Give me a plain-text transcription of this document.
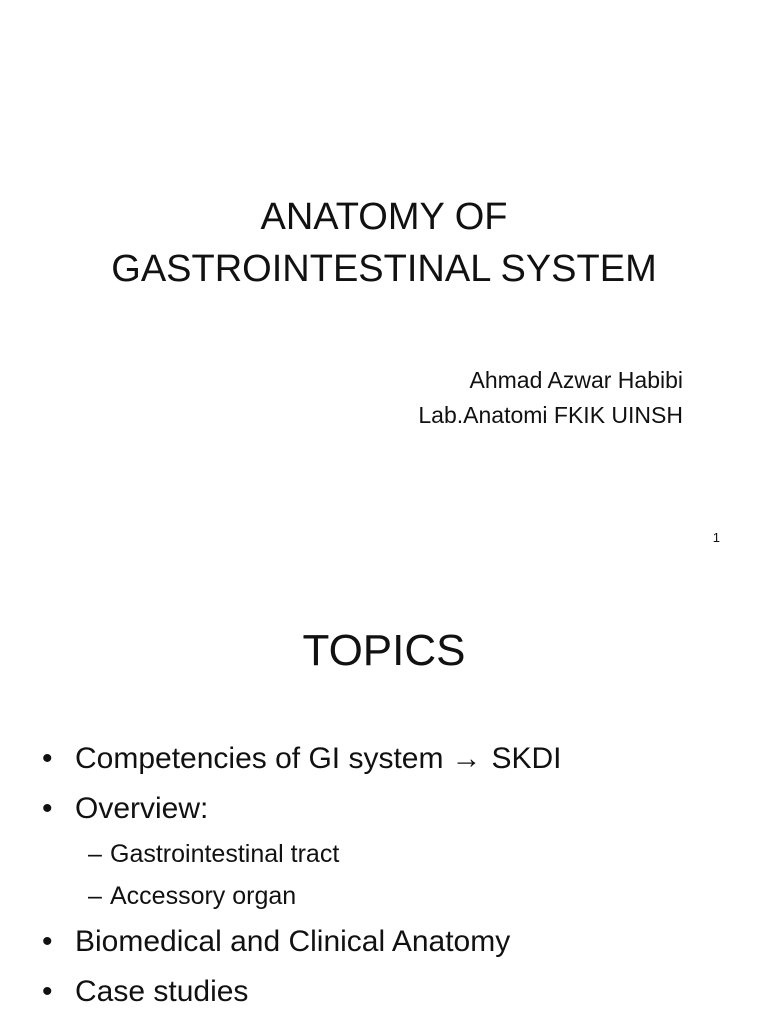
ANATOMY OF
GASTROINTESTINAL SYSTEM
Ahmad Azwar Habibi
Lab.Anatomi FKIK UINSH
1
TOPICS
• Competencies of GI system → SKDI
• Overview:
– Gastrointestinal tract
– Accessory organ
• Biomedical and Clinical Anatomy
• Case studies
